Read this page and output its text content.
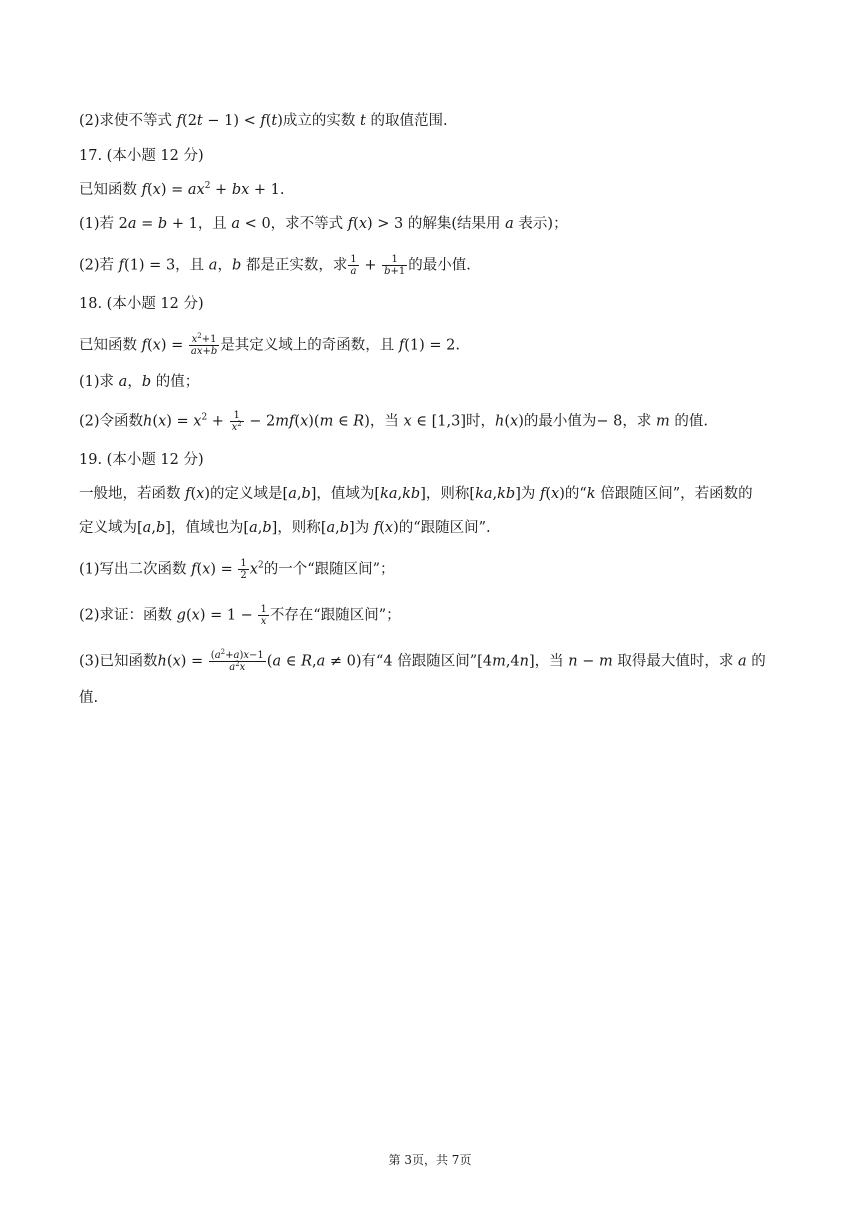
(2)求使不等式 f(2t − 1) < f(t)成立的实数 t 的取值范围.
17. (本小题 12 分)
已知函数 $f(x) = ax^2$ + bx + 1.
(1)若 2a = b + 1，且 a < 0，求不等式 f(x) > 3 的解集(结果用 a 表示)；
(2)若 f(1) = 3，且 a，b 都是正实数，求 $\frac{1}{a} + \frac{1}{b+1}$ 的最小值.
18. (本小题 12 分)
已知函数 $f(x) = \frac{x^2+1}{ax+b}$ 是其定义域上的奇函数，且 f(1) = 2.
(1)求 a，b 的值；
(2)令函数$h(x) = x^2 + \frac{1}{x^2} - 2mf(x)(m$ ∈ R)，当 x ∈ [1,3]时，h(x)的最小值为− 8，求 m 的值.
19. (本小题 12 分)
一般地，若函数 f(x)的定义域是[a,b]，值域为[ka,kb]，则称[ka,kb]为 f(x)的“k 倍跟随区间”，若函数的
定义域为[a,b]，值域也为[a,b]，则称[a,b]为 f(x)的“跟随区间”.
(1)写出二次函数 $f(x) = \frac{1}{2} x^2$的一个“跟随区间”；
(2)求证：函数 $g(x) = 1 - \frac{1}{x}$ 不存在“跟随区间”；
(3)已知函数$h(x) = \frac{(a^2+a)x-1}{a^2x} (a$ ∈ R,a ≠ 0)有“4 倍跟随区间”[4m,4n]，当 n − m 取得最大值时，求 a 的
值.
第 3页，共 7页
